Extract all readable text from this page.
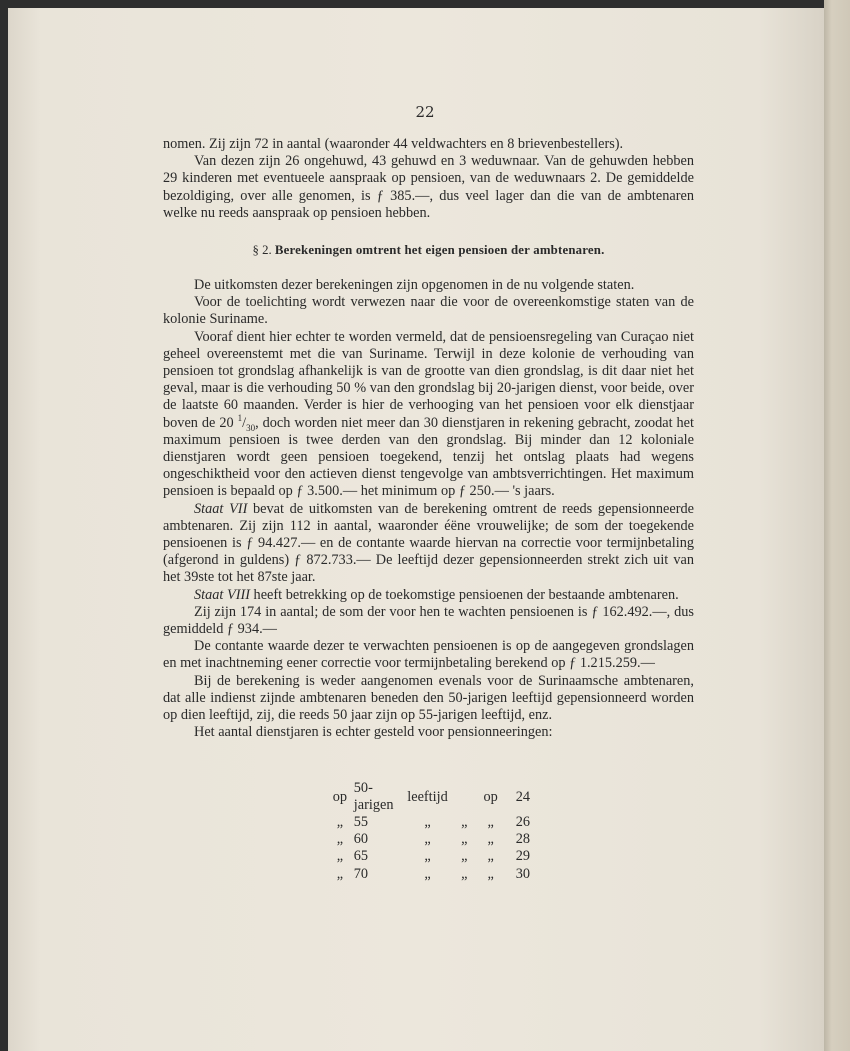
22

nomen. Zij zijn 72 in aantal (waaronder 44 veldwachters en 8 brievenbestellers).

Van dezen zijn 26 ongehuwd, 43 gehuwd en 3 weduwnaar. Van de gehuwden hebben 29 kinderen met eventueele aanspraak op pensioen, van de weduwnaars 2. De gemiddelde bezoldiging, over alle genomen, is ƒ 385.—, dus veel lager dan die van de ambtenaren welke nu reeds aanspraak op pensioen hebben.

§ 2. Berekeningen omtrent het eigen pensioen der ambtenaren.

De uitkomsten dezer berekeningen zijn opgenomen in de nu volgende staten.

Voor de toelichting wordt verwezen naar die voor de overeenkomstige staten van de kolonie Suriname.

Vooraf dient hier echter te worden vermeld, dat de pensioensregeling van Curaçao niet geheel overeenstemt met die van Suriname. Terwijl in deze kolonie de verhouding van pensioen tot grondslag afhankelijk is van de grootte van dien grondslag, is dit daar niet het geval, maar is die verhouding 50 % van den grondslag bij 20-jarigen dienst, voor beide, over de laatste 60 maanden. Verder is hier de verhooging van het pensioen voor elk dienstjaar boven de 20 $^1/_{30}$, doch worden niet meer dan 30 dienstjaren in rekening gebracht, zoodat het maximum pensioen is twee derden van den grondslag. Bij minder dan 12 koloniale dienstjaren wordt geen pensioen toegekend, tenzij het ontslag plaats had wegens ongeschiktheid voor den actieven dienst tengevolge van ambtsverrichtingen. Het maximum pensioen is bepaald op ƒ 3.500.— het minimum op ƒ 250.— 's jaars.

Staat VII bevat de uitkomsten van de berekening omtrent de reeds gepensionneerde ambtenaren. Zij zijn 112 in aantal, waaronder éëne vrouwelijke; de som der toegekende pensioenen is ƒ 94.427.— en de contante waarde hiervan na correctie voor termijnbetaling (afgerond in guldens) ƒ 872.733.— De leeftijd dezer gepensionneerden strekt zich uit van het 39ste tot het 87ste jaar.

Staat VIII heeft betrekking op de toekomstige pensioenen der bestaande ambtenaren.

Zij zijn 174 in aantal; de som der voor hen te wachten pensioenen is ƒ 162.492.—, dus gemiddeld ƒ 934.—

De contante waarde dezer te verwachten pensioenen is op de aangegeven grondslagen en met inachtneming eener correctie voor termijnbetaling berekend op ƒ 1.215.259.—

Bij de berekening is weder aangenomen evenals voor de Surinaamsche ambtenaren, dat alle indienst zijnde ambtenaren beneden den 50-jarigen leeftijd gepensionneerd worden op dien leeftijd, zij, die reeds 50 jaar zijn op 55-jarigen leeftijd, enz.

Het aantal dienstjaren is echter gesteld voor pensionneeringen:

op	50-jarigen	leeftijd		op	24
„	55	„	„	„	26
„	60	„	„	„	28
„	65	„	„	„	29
„	70	„	„	„	30
